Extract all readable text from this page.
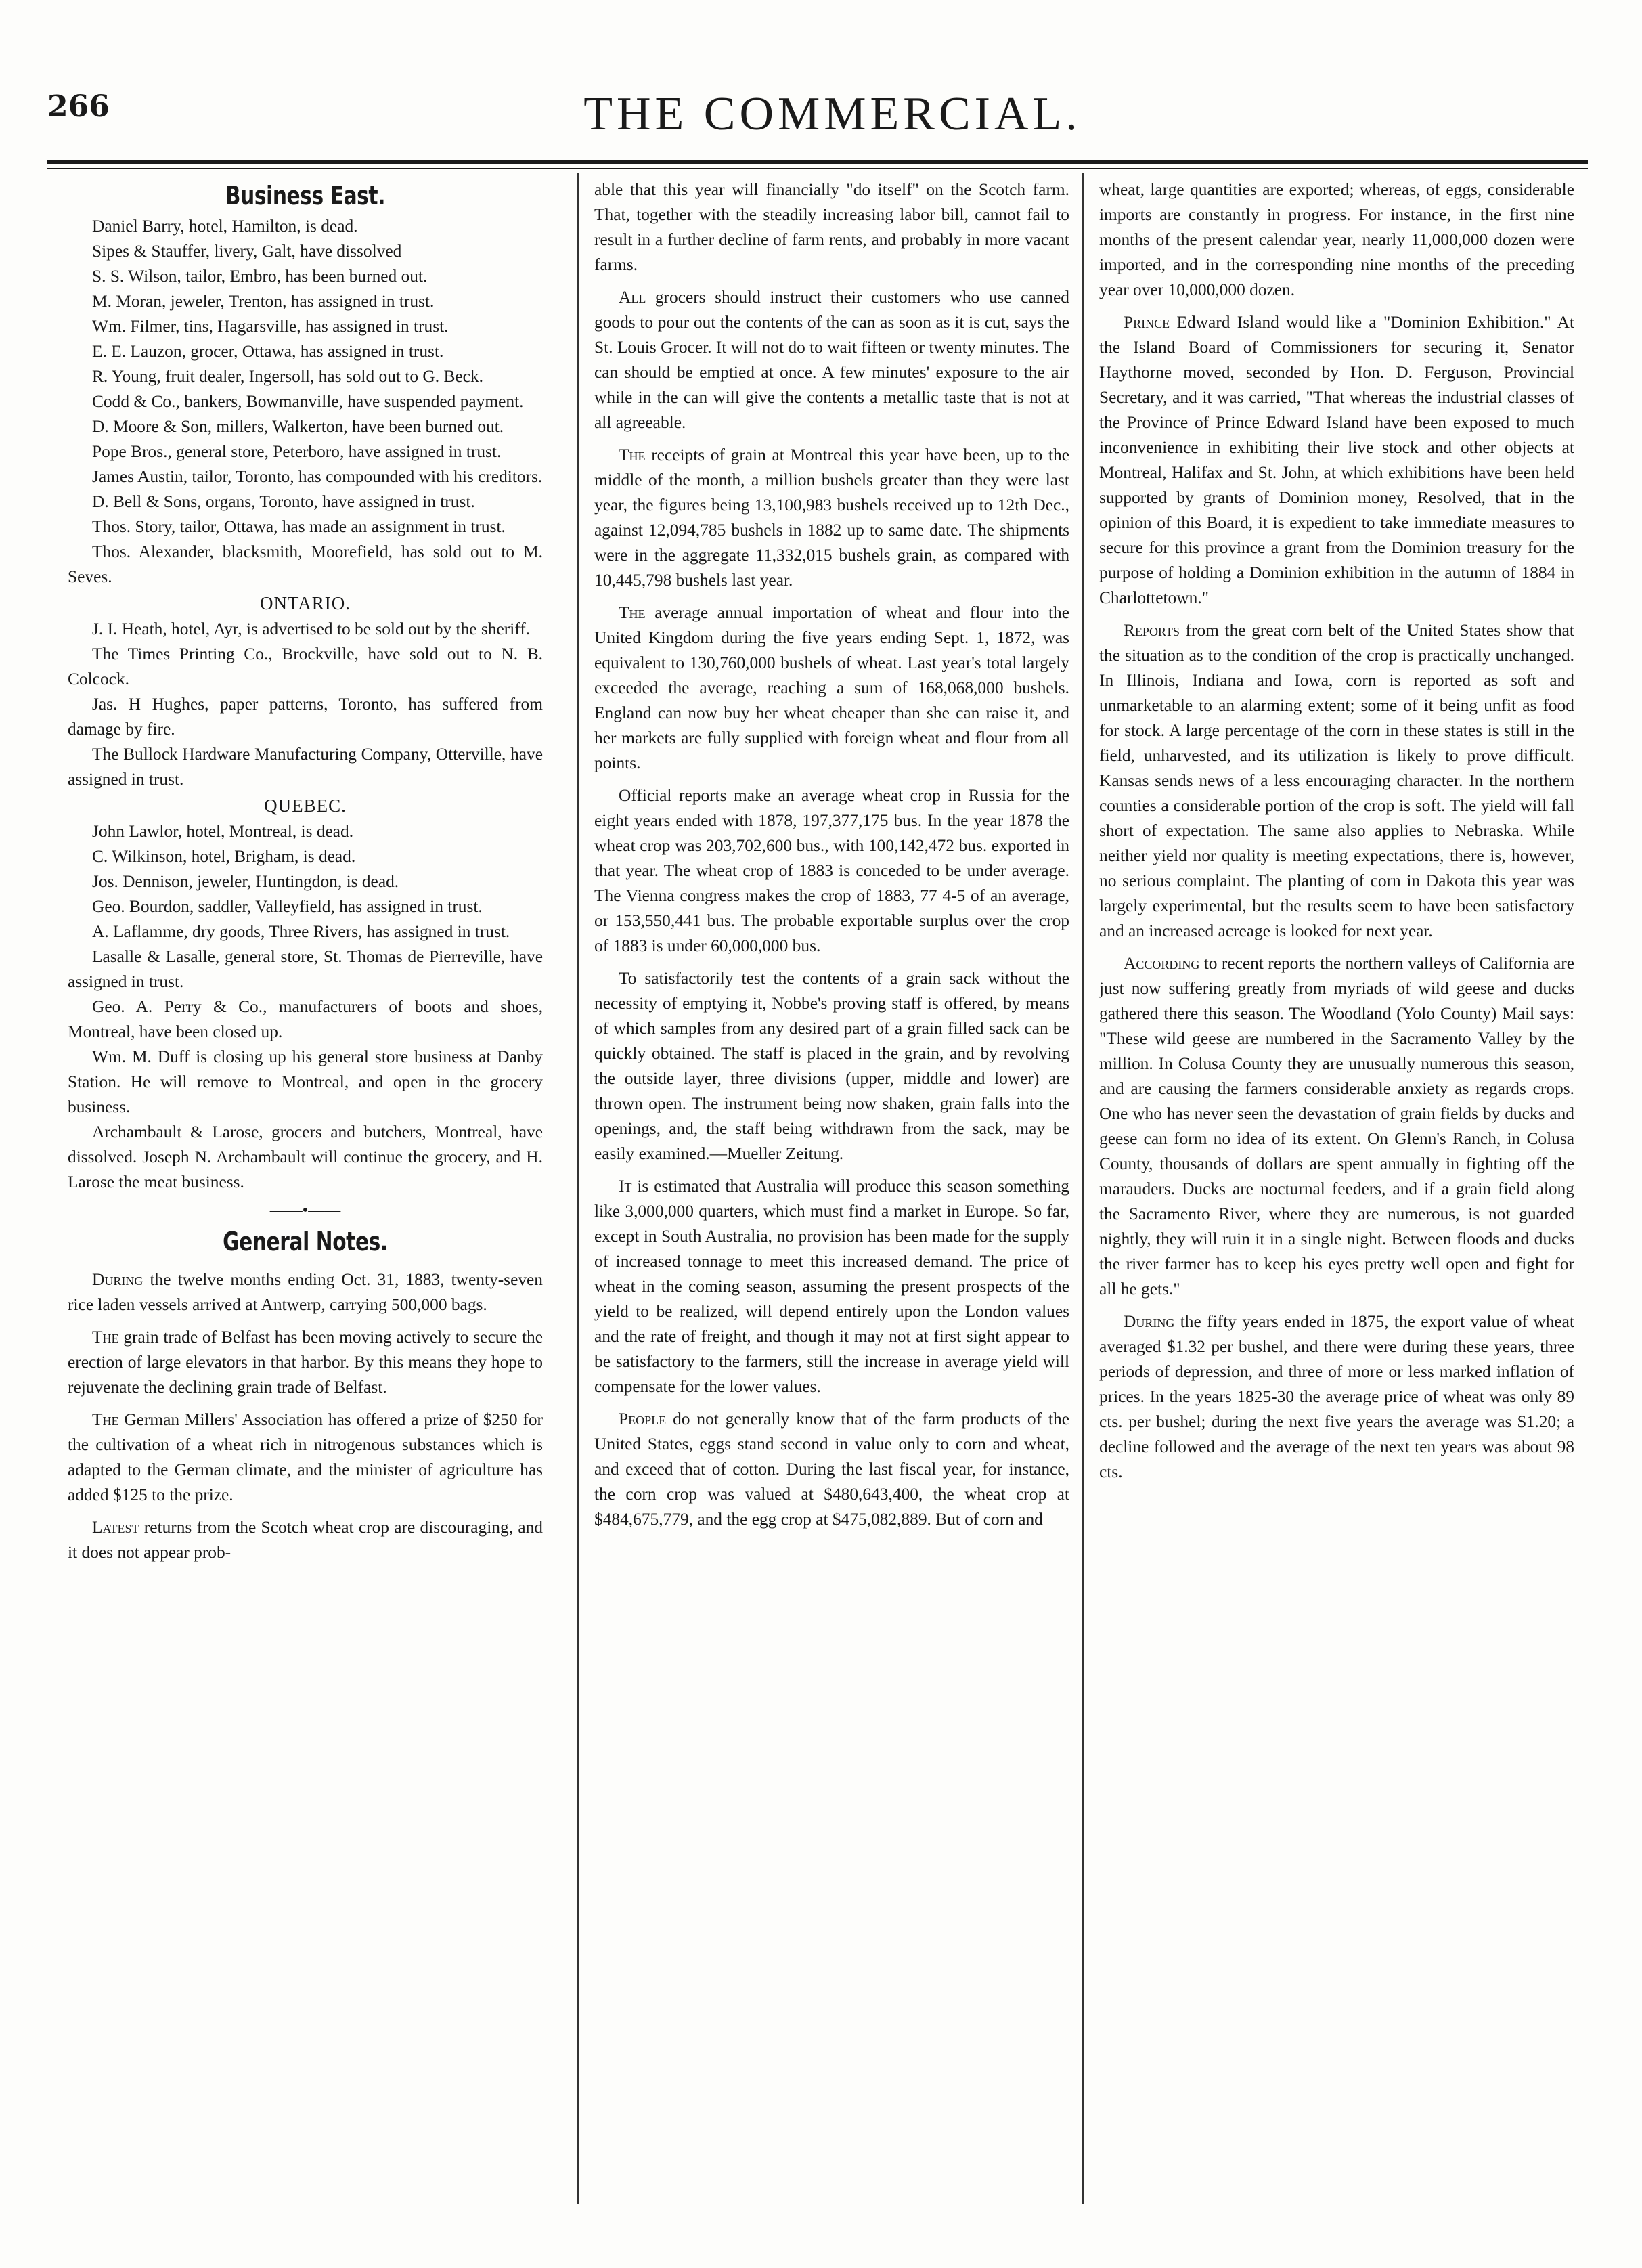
266	THE COMMERCIAL.
Business East.

Daniel Barry, hotel, Hamilton, is dead.

Sipes & Stauffer, livery, Galt, have dissolved

S. S. Wilson, tailor, Embro, has been burned out.

M. Moran, jeweler, Trenton, has assigned in trust.

Wm. Filmer, tins, Hagarsville, has assigned in trust.

E. E. Lauzon, grocer, Ottawa, has assigned in trust.

R. Young, fruit dealer, Ingersoll, has sold out to G. Beck.

Codd & Co., bankers, Bowmanville, have suspended payment.

D. Moore & Son, millers, Walkerton, have been burned out.

Pope Bros., general store, Peterboro, have assigned in trust.

James Austin, tailor, Toronto, has compounded with his creditors.

D. Bell & Sons, organs, Toronto, have assigned in trust.

Thos. Story, tailor, Ottawa, has made an assignment in trust.

Thos. Alexander, blacksmith, Moorefield, has sold out to M. Seves.

ONTARIO.

J. I. Heath, hotel, Ayr, is advertised to be sold out by the sheriff.

The Times Printing Co., Brockville, have sold out to N. B. Colcock.

Jas. H Hughes, paper patterns, Toronto, has suffered from damage by fire.

The Bullock Hardware Manufacturing Company, Otterville, have assigned in trust.

QUEBEC.

John Lawlor, hotel, Montreal, is dead.

C. Wilkinson, hotel, Brigham, is dead.

Jos. Dennison, jeweler, Huntingdon, is dead.

Geo. Bourdon, saddler, Valleyfield, has assigned in trust.

A. Laflamme, dry goods, Three Rivers, has assigned in trust.

Lasalle & Lasalle, general store, St. Thomas de Pierreville, have assigned in trust.

Geo. A. Perry & Co., manufacturers of boots and shoes, Montreal, have been closed up.

Wm. M. Duff is closing up his general store business at Danby Station. He will remove to Montreal, and open in the grocery business.

Archambault & Larose, grocers and butchers, Montreal, have dissolved. Joseph N. Archambault will continue the grocery, and H. Larose the meat business.

——•——
General Notes.

During the twelve months ending Oct. 31, 1883, twenty-seven rice laden vessels arrived at Antwerp, carrying 500,000 bags.

The grain trade of Belfast has been moving actively to secure the erection of large elevators in that harbor. By this means they hope to rejuvenate the declining grain trade of Belfast.

The German Millers' Association has offered a prize of $250 for the cultivation of a wheat rich in nitrogenous substances which is adapted to the German climate, and the minister of agriculture has added $125 to the prize.

Latest returns from the Scotch wheat crop are discouraging, and it does not appear prob-

able that this year will financially "do itself" on the Scotch farm. That, together with the steadily increasing labor bill, cannot fail to result in a further decline of farm rents, and probably in more vacant farms.

All grocers should instruct their customers who use canned goods to pour out the contents of the can as soon as it is cut, says the St. Louis Grocer. It will not do to wait fifteen or twenty minutes. The can should be emptied at once. A few minutes' exposure to the air while in the can will give the contents a metallic taste that is not at all agreeable.

The receipts of grain at Montreal this year have been, up to the middle of the month, a million bushels greater than they were last year, the figures being 13,100,983 bushels received up to 12th Dec., against 12,094,785 bushels in 1882 up to same date. The shipments were in the aggregate 11,332,015 bushels grain, as compared with 10,445,798 bushels last year.

The average annual importation of wheat and flour into the United Kingdom during the five years ending Sept. 1, 1872, was equivalent to 130,760,000 bushels of wheat. Last year's total largely exceeded the average, reaching a sum of 168,068,000 bushels. England can now buy her wheat cheaper than she can raise it, and her markets are fully supplied with foreign wheat and flour from all points.

Official reports make an average wheat crop in Russia for the eight years ended with 1878, 197,377,175 bus. In the year 1878 the wheat crop was 203,702,600 bus., with 100,142,472 bus. exported in that year. The wheat crop of 1883 is conceded to be under average. The Vienna congress makes the crop of 1883, 77 4-5 of an average, or 153,550,441 bus. The probable exportable surplus over the crop of 1883 is under 60,000,000 bus.

To satisfactorily test the contents of a grain sack without the necessity of emptying it, Nobbe's proving staff is offered, by means of which samples from any desired part of a grain filled sack can be quickly obtained. The staff is placed in the grain, and by revolving the outside layer, three divisions (upper, middle and lower) are thrown open. The instrument being now shaken, grain falls into the openings, and, the staff being withdrawn from the sack, may be easily examined.—Mueller Zeitung.

It is estimated that Australia will produce this season something like 3,000,000 quarters, which must find a market in Europe. So far, except in South Australia, no provision has been made for the supply of increased tonnage to meet this increased demand. The price of wheat in the coming season, assuming the present prospects of the yield to be realized, will depend entirely upon the London values and the rate of freight, and though it may not at first sight appear to be satisfactory to the farmers, still the increase in average yield will compensate for the lower values.

People do not generally know that of the farm products of the United States, eggs stand second in value only to corn and wheat, and exceed that of cotton. During the last fiscal year, for instance, the corn crop was valued at $480,643,400, the wheat crop at $484,675,779, and the egg crop at $475,082,889. But of corn and

wheat, large quantities are exported; whereas, of eggs, considerable imports are constantly in progress. For instance, in the first nine months of the present calendar year, nearly 11,000,000 dozen were imported, and in the corresponding nine months of the preceding year over 10,000,000 dozen.

Prince Edward Island would like a "Dominion Exhibition." At the Island Board of Commissioners for securing it, Senator Haythorne moved, seconded by Hon. D. Ferguson, Provincial Secretary, and it was carried, "That whereas the industrial classes of the Province of Prince Edward Island have been exposed to much inconvenience in exhibiting their live stock and other objects at Montreal, Halifax and St. John, at which exhibitions have been held supported by grants of Dominion money, Resolved, that in the opinion of this Board, it is expedient to take immediate measures to secure for this province a grant from the Dominion treasury for the purpose of holding a Dominion exhibition in the autumn of 1884 in Charlottetown."

Reports from the great corn belt of the United States show that the situation as to the condition of the crop is practically unchanged. In Illinois, Indiana and Iowa, corn is reported as soft and unmarketable to an alarming extent; some of it being unfit as food for stock. A large percentage of the corn in these states is still in the field, unharvested, and its utilization is likely to prove difficult. Kansas sends news of a less encouraging character. In the northern counties a considerable portion of the crop is soft. The yield will fall short of expectation. The same also applies to Nebraska. While neither yield nor quality is meeting expectations, there is, however, no serious complaint. The planting of corn in Dakota this year was largely experimental, but the results seem to have been satisfactory and an increased acreage is looked for next year.

According to recent reports the northern valleys of California are just now suffering greatly from myriads of wild geese and ducks gathered there this season. The Woodland (Yolo County) Mail says: "These wild geese are numbered in the Sacramento Valley by the million. In Colusa County they are unusually numerous this season, and are causing the farmers considerable anxiety as regards crops. One who has never seen the devastation of grain fields by ducks and geese can form no idea of its extent. On Glenn's Ranch, in Colusa County, thousands of dollars are spent annually in fighting off the marauders. Ducks are nocturnal feeders, and if a grain field along the Sacramento River, where they are numerous, is not guarded nightly, they will ruin it in a single night. Between floods and ducks the river farmer has to keep his eyes pretty well open and fight for all he gets."

During the fifty years ended in 1875, the export value of wheat averaged $1.32 per bushel, and there were during these years, three periods of depression, and three of more or less marked inflation of prices. In the years 1825-30 the average price of wheat was only 89 cts. per bushel; during the next five years the average was $1.20; a decline followed and the average of the next ten years was about 98 cts.
